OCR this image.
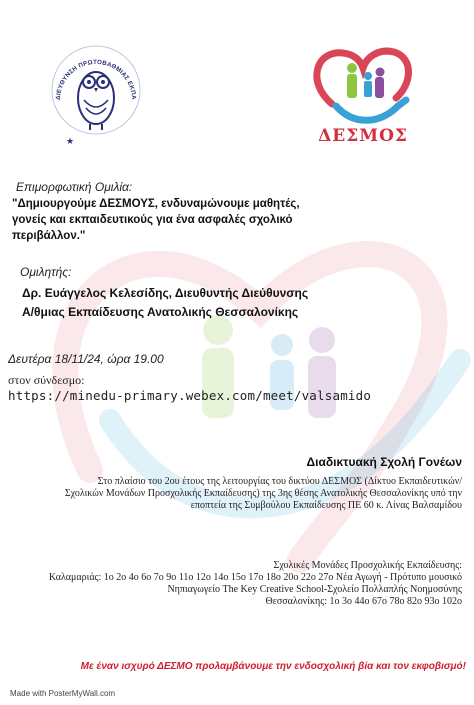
ΔΙΕΥΘΥΝΣΗ ΠΡΩΤΟΒΑΘΜΙΑΣ ΕΚΠΑ
★	ΔΕΣΜΟΣ
Επιμορφωτική Ομιλία:
"Δημιουργούμε ΔΕΣΜΟΥΣ, ενδυναμώνουμε μαθητές, γονείς και εκπαιδευτικούς για ένα ασφαλές σχολικό περιβάλλον."
Ομιλητής:
Δρ. Ευάγγελος Κελεσίδης, Διευθυντής Διεύθυνσης
Α/θμιας Εκπαίδευσης Ανατολικής Θεσσαλονίκης
Δευτέρα 18/11/24, ώρα 19.00
στον σύνδεσμο:
https://minedu-primary.webex.com/meet/valsamido
Διαδικτυακή Σχολή Γονέων
Στο πλαίσιο του 2ου έτους της λειτουργίας του δικτύου ΔΕΣΜΟΣ (Δίκτυο Εκπαιδευτικών/Σχολικών Μονάδων Προσχολικής Εκπαίδευσης) της 3ης θέσης Ανατολικής Θεσσαλονίκης υπό την εποπτεία της Συμβούλου Εκπαίδευσης ΠΕ 60 κ. Λίνας Βαλσαμίδου
Σχολικές Μονάδες Προσχολικής Εκπαίδευσης:
Καλαμαριάς: 1ο 2ο 4ο 6ο 7ο 9ο 11ο 12ο 14ο 15ο 17ο 18ο 20ο 22ο 27ο Νέα Αγωγή - Πρότυπο μουσικό Νηπιαγωγείο The Key Creative School-Σχολείο Πολλαπλής Νοημοσύνης
Θεσσαλονίκης: 1ο 3ο 44ο 67ο 78ο 82ο 93ο 102ο
Με έναν ισχυρό ΔΕΣΜΟ προλαμβάνουμε την ενδοσχολική βία και τον εκφοβισμό!
Made with PosterMyWall.com
